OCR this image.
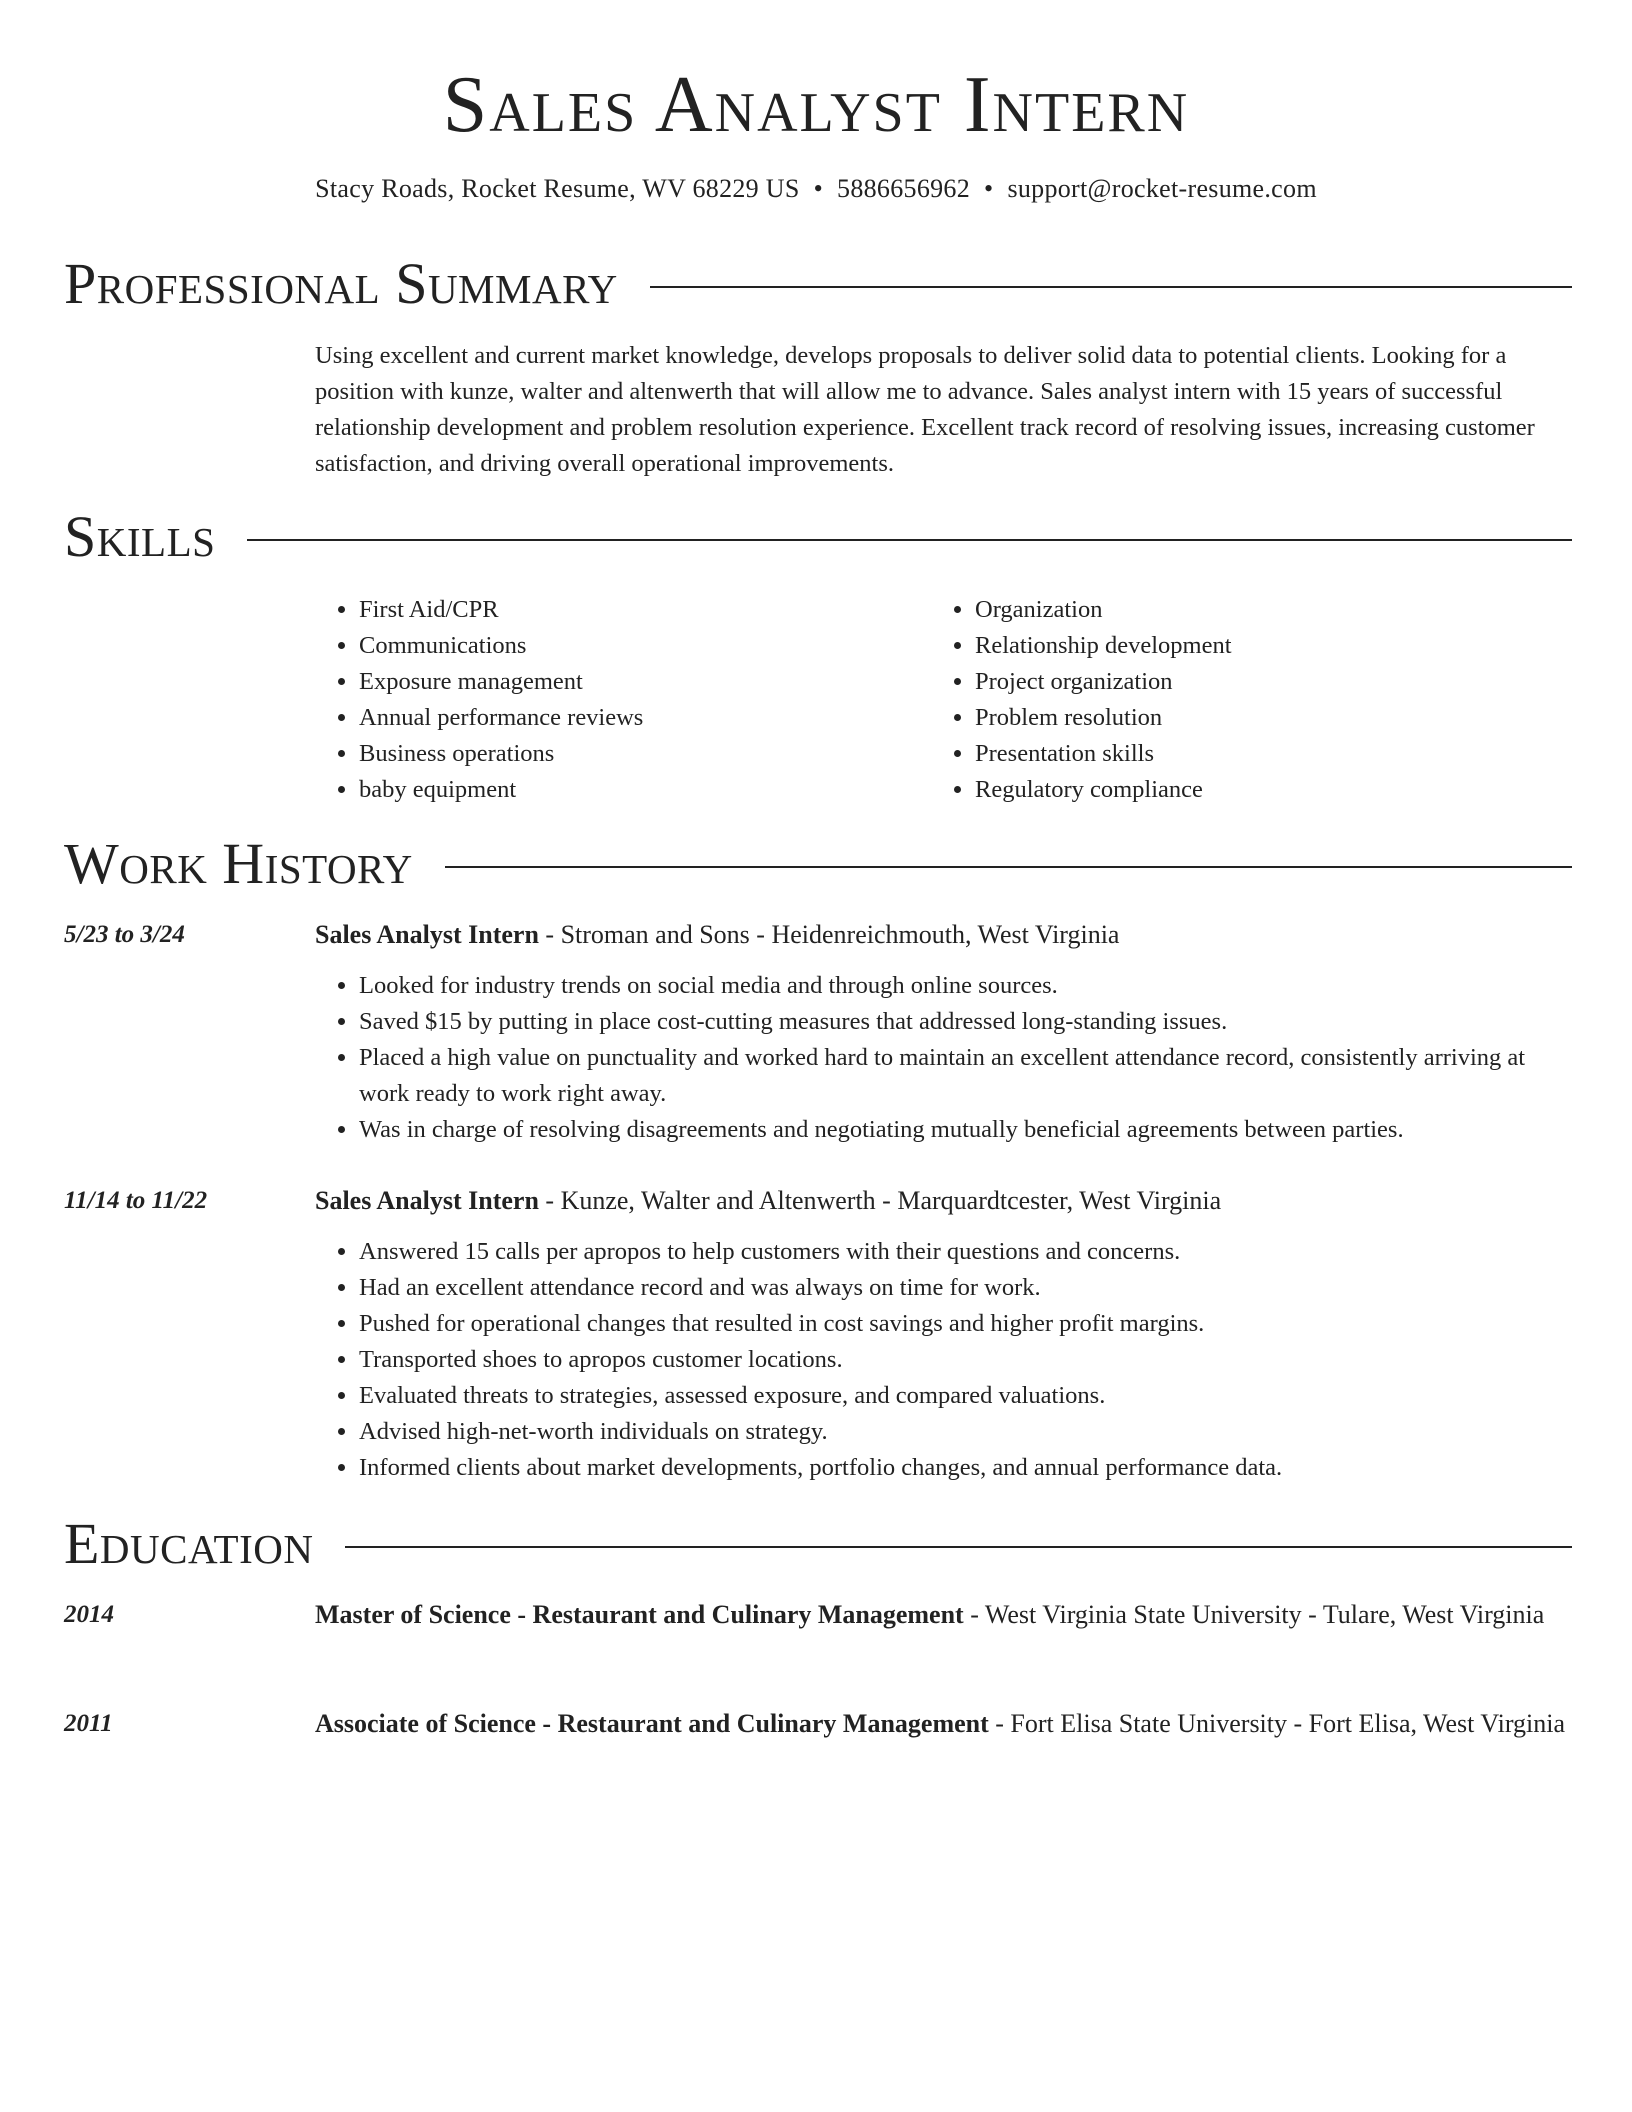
Sales Analyst Intern
Stacy Roads, Rocket Resume, WV 68229 US • 5886656962 • support@rocket-resume.com
Professional Summary
Using excellent and current market knowledge, develops proposals to deliver solid data to potential clients. Looking for a position with kunze, walter and altenwerth that will allow me to advance. Sales analyst intern with 15 years of successful relationship development and problem resolution experience. Excellent track record of resolving issues, increasing customer satisfaction, and driving overall operational improvements.
Skills
• First Aid/CPR
• Communications
• Exposure management
• Annual performance reviews
• Business operations
• baby equipment
• Organization
• Relationship development
• Project organization
• Problem resolution
• Presentation skills
• Regulatory compliance
Work History
5/23 to 3/24	Sales Analyst Intern - Stroman and Sons - Heidenreichmouth, West Virginia
• Looked for industry trends on social media and through online sources.
• Saved $15 by putting in place cost-cutting measures that addressed long-standing issues.
• Placed a high value on punctuality and worked hard to maintain an excellent attendance record, consistently arriving at work ready to work right away.
• Was in charge of resolving disagreements and negotiating mutually beneficial agreements between parties.
11/14 to 11/22	Sales Analyst Intern - Kunze, Walter and Altenwerth - Marquardtcester, West Virginia
• Answered 15 calls per apropos to help customers with their questions and concerns.
• Had an excellent attendance record and was always on time for work.
• Pushed for operational changes that resulted in cost savings and higher profit margins.
• Transported shoes to apropos customer locations.
• Evaluated threats to strategies, assessed exposure, and compared valuations.
• Advised high-net-worth individuals on strategy.
• Informed clients about market developments, portfolio changes, and annual performance data.
Education
2014	Master of Science - Restaurant and Culinary Management - West Virginia State University - Tulare, West Virginia
2011	Associate of Science - Restaurant and Culinary Management - Fort Elisa State University - Fort Elisa, West Virginia
